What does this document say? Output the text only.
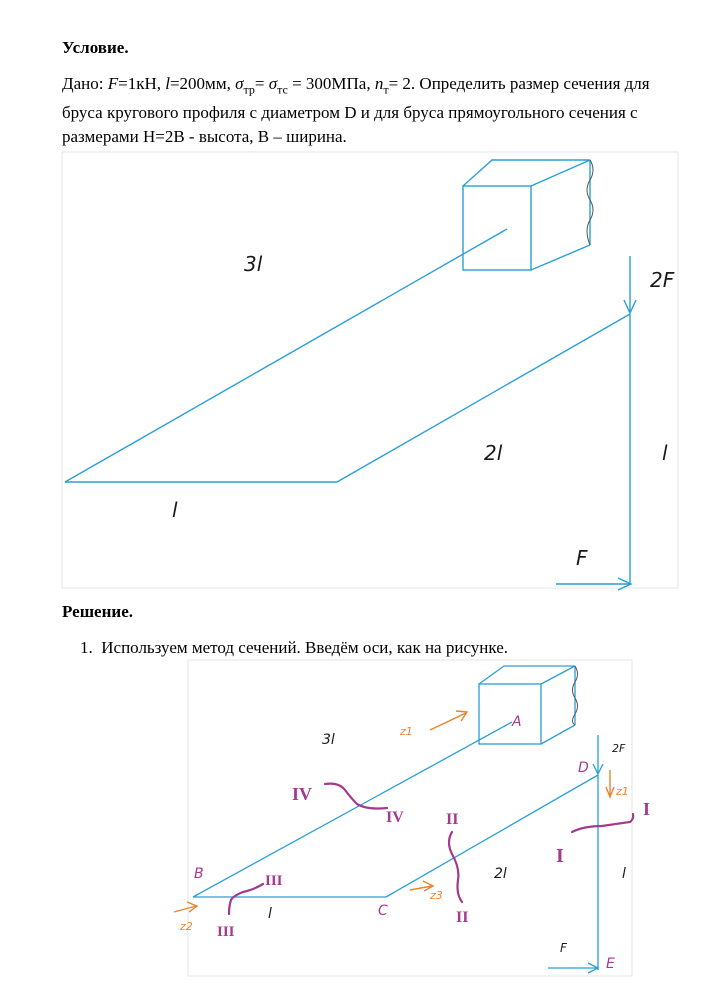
Условие.

Дано: F=1кН, l=200мм, $\sigma_{тр}= \sigma_{тс} = 300МПа$, $n_т= 2$. Определить размер сечения для бруса кругового профиля с диаметром D и для бруса прямоугольного сечения с размерами H=2B - высота, B – ширина.

3l
2F
2l	l
l
F

Решение.

1. Используем метод сечений. Введём оси, как на рисунке.

z1
z1
z2
z3
I
I
II
II
III
III
IV
IV
A
B
C
D
E
3l
2F
2l	l
l
F
